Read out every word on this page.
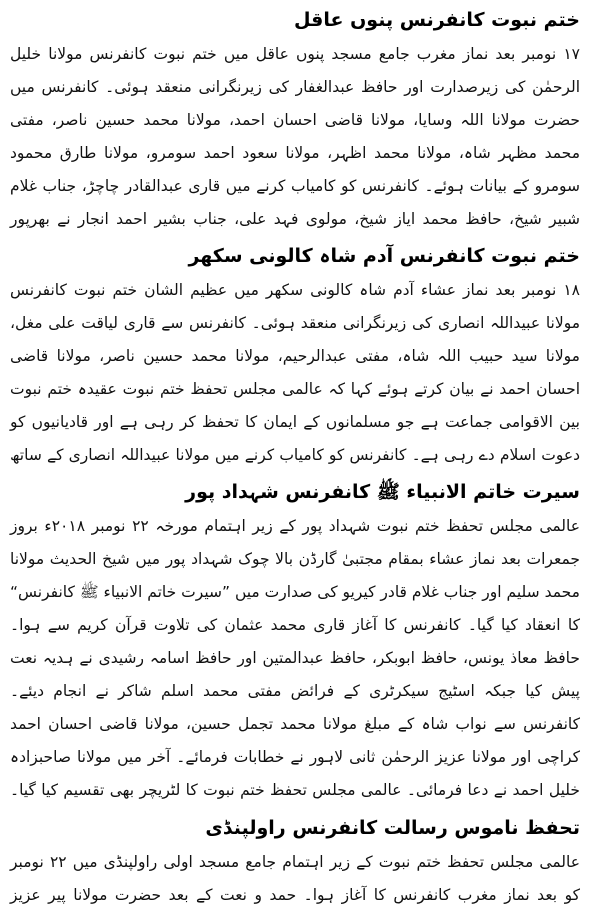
ختم نبوت کانفرنس پنوں عاقل
۱۷ نومبر بعد نماز مغرب جامع مسجد پنوں عاقل میں ختم نبوت کانفرنس مولانا خلیل الرحمٰن کی زیرصدارت اور حافظ عبدالغفار کی زیرنگرانی منعقد ہوئی۔ کانفرنس میں حضرت مولانا اللہ وسایا، مولانا قاضی احسان احمد، مولانا محمد حسین ناصر، مفتی محمد مظہر شاہ، مولانا محمد اظہر، مولانا سعود احمد سومرو، مولانا طارق محمود سومرو کے بیانات ہوئے۔ کانفرنس کو کامیاب کرنے میں قاری عبدالقادر چاچڑ، جناب غلام شبیر شیخ، حافظ محمد ایاز شیخ، مولوی فہد علی، جناب بشیر احمد انجار نے بھرپور
ختم نبوت کانفرنس آدم شاہ کالونی سکھر
۱۸ نومبر بعد نماز عشاء آدم شاہ کالونی سکھر میں عظیم الشان ختم نبوت کانفرنس مولانا عبیداللہ انصاری کی زیرنگرانی منعقد ہوئی۔ کانفرنس سے قاری لیاقت علی مغل، مولانا سید حبیب اللہ شاہ، مفتی عبدالرحیم، مولانا محمد حسین ناصر، مولانا قاضی احسان احمد نے بیان کرتے ہوئے کہا کہ عالمی مجلس تحفظ ختم نبوت عقیدہ ختم نبوت بین الاقوامی جماعت ہے جو مسلمانوں کے ایمان کا تحفظ کر رہی ہے اور قادیانیوں کو دعوت اسلام دے رہی ہے۔ کانفرنس کو کامیاب کرنے میں مولانا عبیداللہ انصاری کے ساتھ
سیرت خاتم الانبیاء ﷺ کانفرنس شہداد پور
عالمی مجلس تحفظ ختم نبوت شہداد پور کے زیر اہتمام مورخہ ۲۲ نومبر ۲۰۱۸ء بروز جمعرات بعد نماز عشاء بمقام مجتبیٰ گارڈن بالا چوک شہداد پور میں شیخ الحدیث مولانا محمد سلیم اور جناب غلام قادر کیریو کی صدارت میں ”سیرت خاتم الانبیاء ﷺ کانفرنس“ کا انعقاد کیا گیا۔ کانفرنس کا آغاز قاری محمد عثمان کی تلاوت قرآن کریم سے ہوا۔ حافظ معاذ یونس، حافظ ابوبکر، حافظ عبدالمتین اور حافظ اسامہ رشیدی نے ہدیہ نعت پیش کیا جبکہ اسٹیج سیکرٹری کے فرائض مفتی محمد اسلم شاکر نے انجام دیئے۔ کانفرنس سے نواب شاہ کے مبلغ مولانا محمد تجمل حسین، مولانا قاضی احسان احمد کراچی اور مولانا عزیز الرحمٰن ثانی لاہور نے خطابات فرمائے۔ آخر میں مولانا صاحبزادہ خلیل احمد نے دعا فرمائی۔ عالمی مجلس تحفظ ختم نبوت کا لٹریچر بھی تقسیم کیا گیا۔
تحفظ ناموس رسالت کانفرنس راولپنڈی
عالمی مجلس تحفظ ختم نبوت کے زیر اہتمام جامع مسجد اولی راولپنڈی میں ۲۲ نومبر کو بعد نماز مغرب کانفرنس کا آغاز ہوا۔ حمد و نعت کے بعد حضرت مولانا پیر عزیز
